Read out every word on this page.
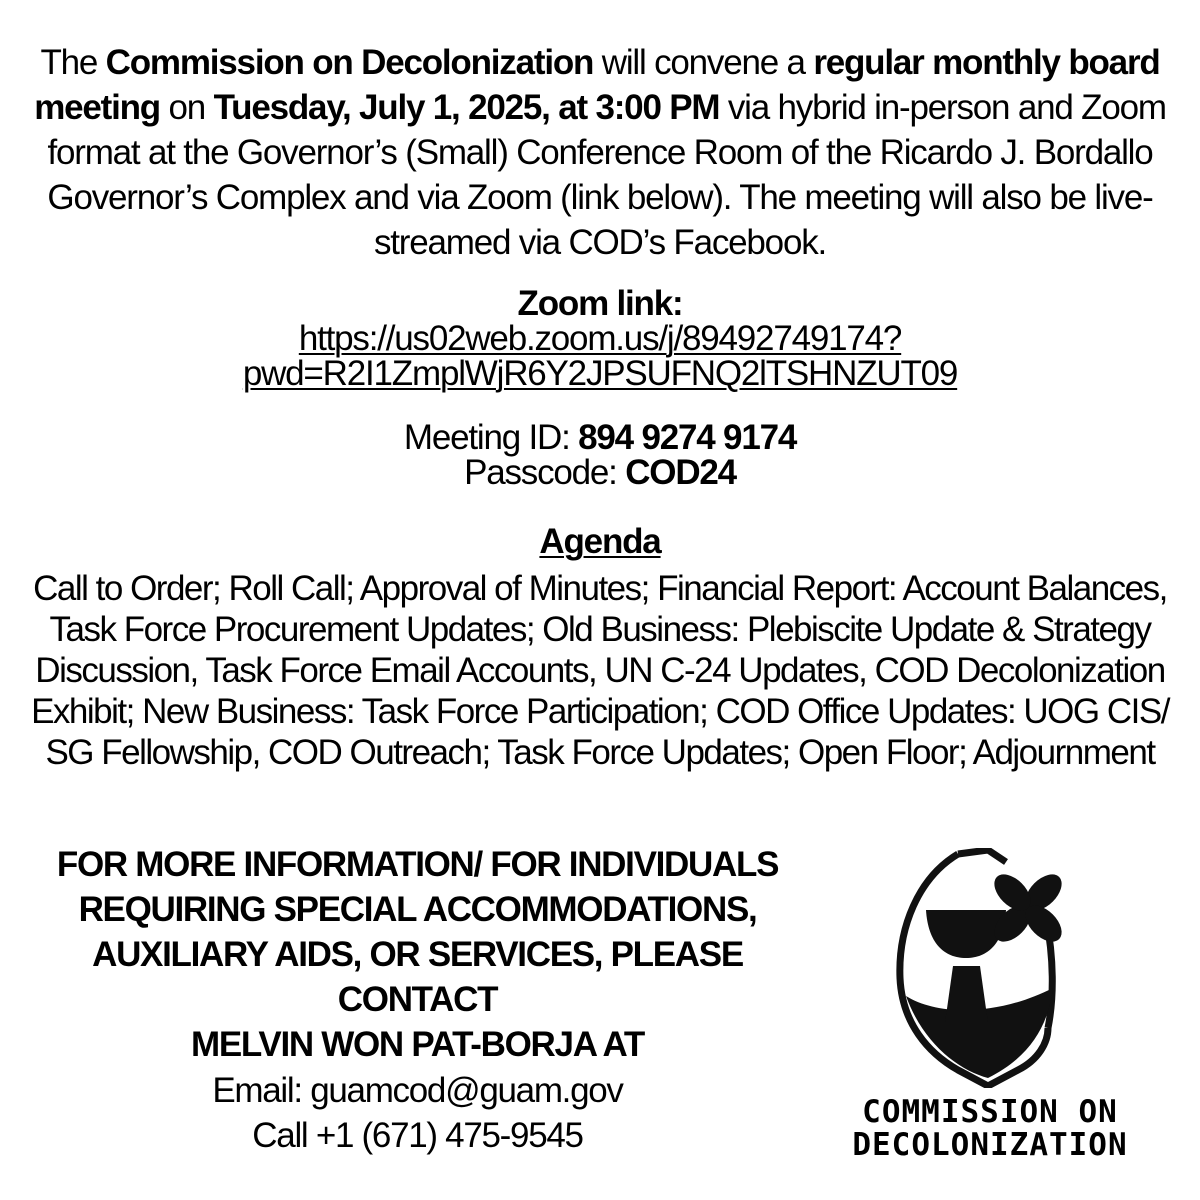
The Commission on Decolonization will convene a regular monthly board meeting on Tuesday, July 1, 2025, at 3:00 PM via hybrid in-person and Zoom format at the Governor’s (Small) Conference Room of the Ricardo J. Bordallo Governor’s Complex and via Zoom (link below). The meeting will also be live-streamed via COD’s Facebook.
Zoom link:
https://us02web.zoom.us/j/89492749174?
pwd=R2I1ZmplWjR6Y2JPSUFNQ2lTSHNZUT09
Meeting ID: 894 9274 9174
Passcode: COD24
Agenda
Call to Order; Roll Call; Approval of Minutes; Financial Report: Account Balances, Task Force Procurement Updates; Old Business: Plebiscite Update & Strategy Discussion, Task Force Email Accounts, UN C-24 Updates, COD Decolonization Exhibit; New Business: Task Force Participation; COD Office Updates: UOG CIS/ SG Fellowship, COD Outreach; Task Force Updates; Open Floor; Adjournment
FOR MORE INFORMATION/ FOR INDIVIDUALS REQUIRING SPECIAL ACCOMMODATIONS, AUXILIARY AIDS, OR SERVICES, PLEASE CONTACT
MELVIN WON PAT-BORJA AT
Email: guamcod@guam.gov
Call +1 (671) 475-9545
COMMISSION ON
DECOLONIZATION
